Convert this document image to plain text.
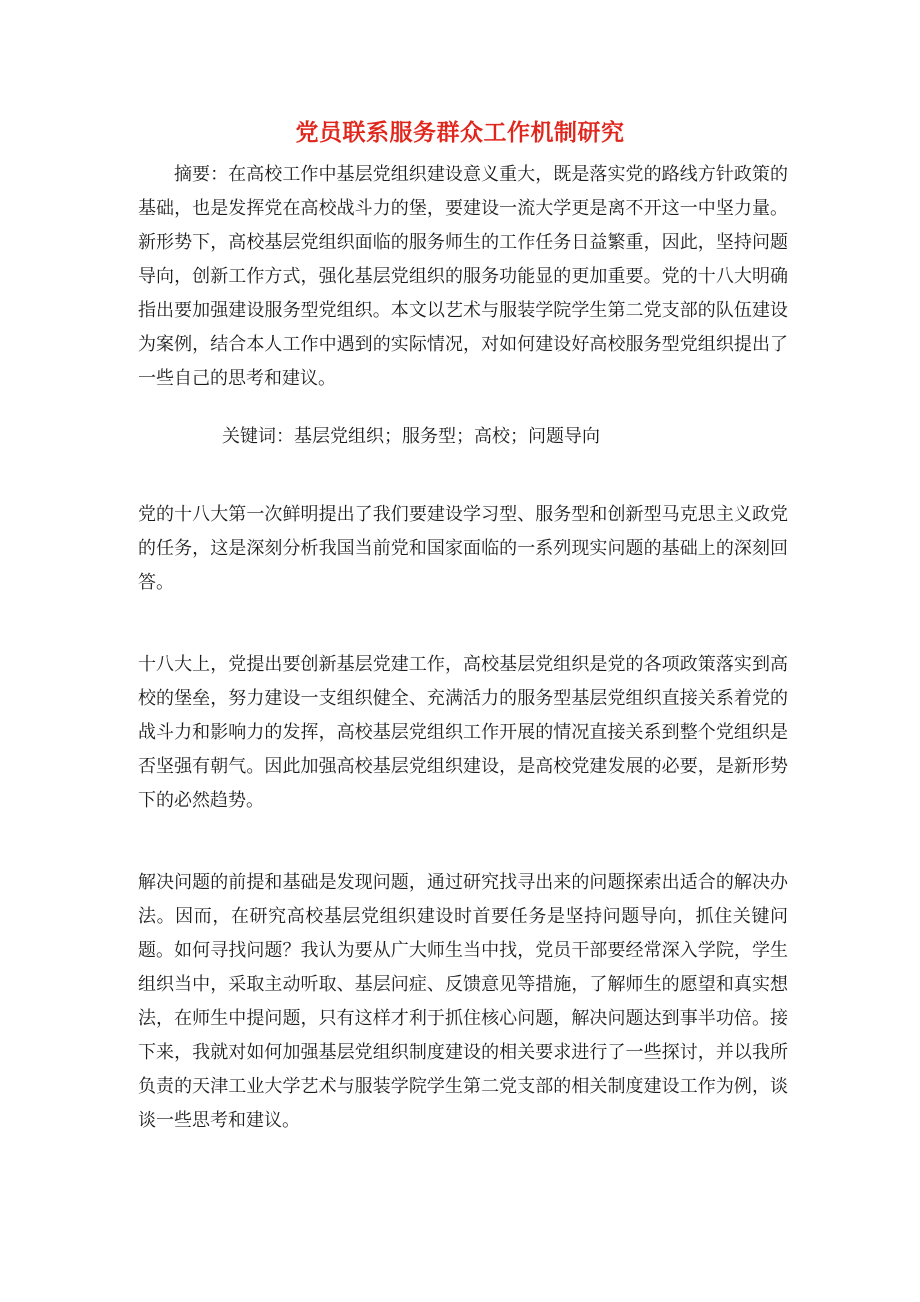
党员联系服务群众工作机制研究
摘要：在高校工作中基层党组织建设意义重大，既是落实党的路线方针政策的基础，也是发挥党在高校战斗力的堡，要建设一流大学更是离不开这一中坚力量。新形势下，高校基层党组织面临的服务师生的工作任务日益繁重，因此，坚持问题导向，创新工作方式，强化基层党组织的服务功能显的更加重要。党的十八大明确指出要加强建设服务型党组织。本文以艺术与服装学院学生第二党支部的队伍建设为案例，结合本人工作中遇到的实际情况，对如何建设好高校服务型党组织提出了一些自己的思考和建议。
关键词：基层党组织；服务型；高校；问题导向
党的十八大第一次鲜明提出了我们要建设学习型、服务型和创新型马克思主义政党的任务，这是深刻分析我国当前党和国家面临的一系列现实问题的基础上的深刻回答。
十八大上，党提出要创新基层党建工作，高校基层党组织是党的各项政策落实到高校的堡垒，努力建设一支组织健全、充满活力的服务型基层党组织直接关系着党的战斗力和影响力的发挥，高校基层党组织工作开展的情况直接关系到整个党组织是否坚强有朝气。因此加强高校基层党组织建设，是高校党建发展的必要，是新形势下的必然趋势。
解决问题的前提和基础是发现问题，通过研究找寻出来的问题探索出适合的解决办法。因而，在研究高校基层党组织建设时首要任务是坚持问题导向，抓住关键问题。如何寻找问题？我认为要从广大师生当中找，党员干部要经常深入学院，学生组织当中，采取主动听取、基层问症、反馈意见等措施，了解师生的愿望和真实想法，在师生中提问题，只有这样才利于抓住核心问题，解决问题达到事半功倍。接下来，我就对如何加强基层党组织制度建设的相关要求进行了一些探讨，并以我所负责的天津工业大学艺术与服装学院学生第二党支部的相关制度建设工作为例，谈谈一些思考和建议。
